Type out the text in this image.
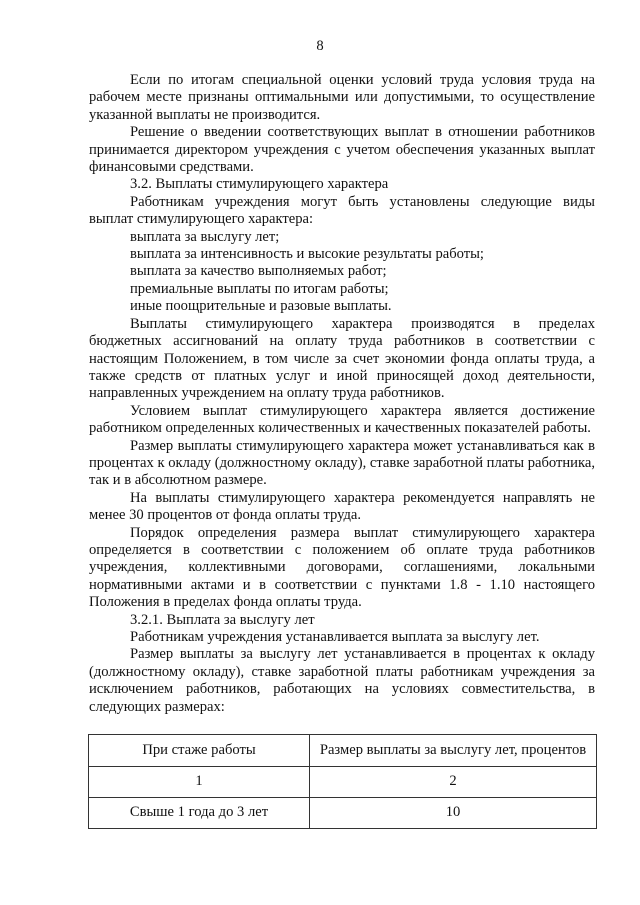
8

Если по итогам специальной оценки условий труда условия труда на рабочем месте признаны оптимальными или допустимыми, то осуществление указанной выплаты не производится.

Решение о введении соответствующих выплат в отношении работников принимается директором учреждения с учетом обеспечения указанных выплат финансовыми средствами.

3.2. Выплаты стимулирующего характера

Работникам учреждения могут быть установлены следующие виды выплат стимулирующего характера:

выплата за выслугу лет;

выплата за интенсивность и высокие результаты работы;

выплата за качество выполняемых работ;

премиальные выплаты по итогам работы;

иные поощрительные и разовые выплаты.

Выплаты стимулирующего характера производятся в пределах бюджетных ассигнований на оплату труда работников в соответствии с настоящим Положением, в том числе за счет экономии фонда оплаты труда, а также средств от платных услуг и иной приносящей доход деятельности, направленных учреждением на оплату труда работников.

Условием выплат стимулирующего характера является достижение работником определенных количественных и качественных показателей работы.

Размер выплаты стимулирующего характера может устанавливаться как в процентах к окладу (должностному окладу), ставке заработной платы работника, так и в абсолютном размере.

На выплаты стимулирующего характера рекомендуется направлять не менее 30 процентов от фонда оплаты труда.

Порядок определения размера выплат стимулирующего характера определяется в соответствии с положением об оплате труда работников учреждения, коллективными договорами, соглашениями, локальными нормативными актами и в соответствии с пунктами 1.8 - 1.10 настоящего Положения в пределах фонда оплаты труда.

3.2.1. Выплата за выслугу лет

Работникам учреждения устанавливается выплата за выслугу лет.

Размер выплаты за выслугу лет устанавливается в процентах к окладу (должностному окладу), ставке заработной платы работникам учреждения за исключением работников, работающих на условиях совместительства, в следующих размерах:

При стаже работы	Размер выплаты за выслугу лет, процентов
1	2
Свыше 1 года до 3 лет	10
